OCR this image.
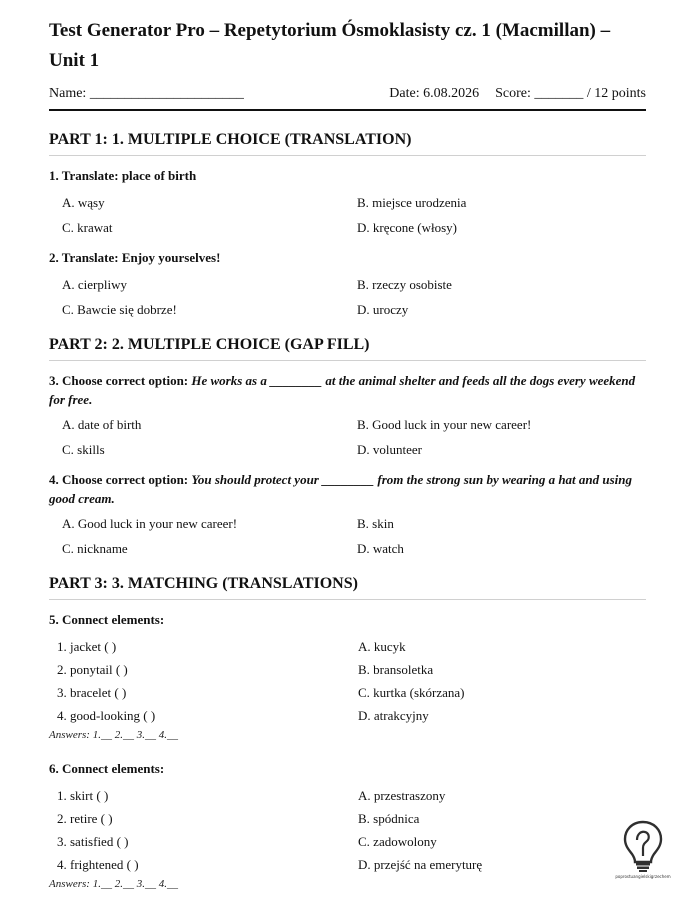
Test Generator Pro – Repetytorium Ósmoklasisty cz. 1 (Macmillan) – Unit 1
Name: ______________________	Date: 6.08.2026 Score: _______ / 12 points
PART 1: 1. MULTIPLE CHOICE (TRANSLATION)
1. Translate: place of birth
A. wąsy	B. miejsce urodzenia
C. krawat	D. kręcone (włosy)
2. Translate: Enjoy yourselves!
A. cierpliwy	B. rzeczy osobiste
C. Bawcie się dobrze!	D. uroczy
PART 2: 2. MULTIPLE CHOICE (GAP FILL)
3. Choose correct option: He works as a ________ at the animal shelter and feeds all the dogs every weekend for free.
A. date of birth	B. Good luck in your new career!
C. skills	D. volunteer
4. Choose correct option: You should protect your ________ from the strong sun by wearing a hat and using good cream.
A. Good luck in your new career!	B. skin
C. nickname	D. watch
PART 3: 3. MATCHING (TRANSLATIONS)
5. Connect elements:
1. jacket ( )	A. kucyk
2. ponytail ( )	B. bransoletka
3. bracelet ( )	C. kurtka (skórzana)
4. good-looking ( )	D. atrakcyjny
Answers: 1.__ 2.__ 3.__ 4.__
6. Connect elements:
1. skirt ( )	A. przestraszony
2. retire ( )	B. spódnica
3. satisfied ( )	C. zadowolony
4. frightened ( )	D. przejść na emeryturę
Answers: 1.__ 2.__ 3.__ 4.__
poprostuangielskigrzechem
